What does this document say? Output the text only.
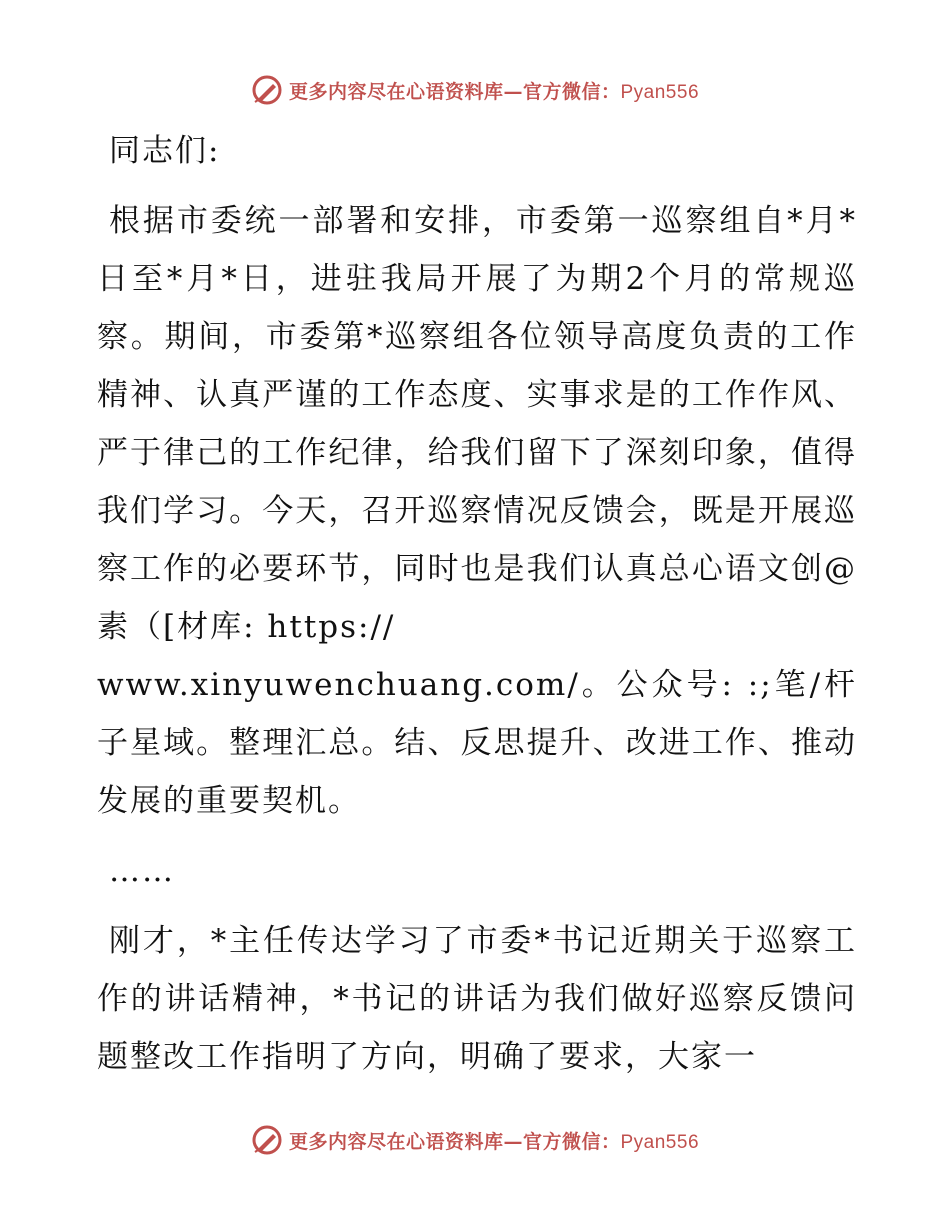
更多内容尽在心语资料库—官方微信：Pyan556

同志们:

根据市委统一部署和安排，市委第一巡察组自*月*日至*月*日，进驻我局开展了为期2个月的常规巡察。期间，市委第*巡察组各位领导高度负责的工作精神、认真严谨的工作态度、实事求是的工作作风、严于律己的工作纪律，给我们留下了深刻印象，值得我们学习。今天，召开巡察情况反馈会，既是开展巡察工作的必要环节，同时也是我们认真总心语文创@素（[材库: https://
www.xinyuwenchuang.com/。公众号: :;笔/杆子星域。整理汇总。结、反思提升、改进工作、推动发展的重要契机。

……

刚才，*主任传达学习了市委*书记近期关于巡察工作的讲话精神，*书记的讲话为我们做好巡察反馈问题整改工作指明了方向，明确了要求，大家一

更多内容尽在心语资料库—官方微信：Pyan556
